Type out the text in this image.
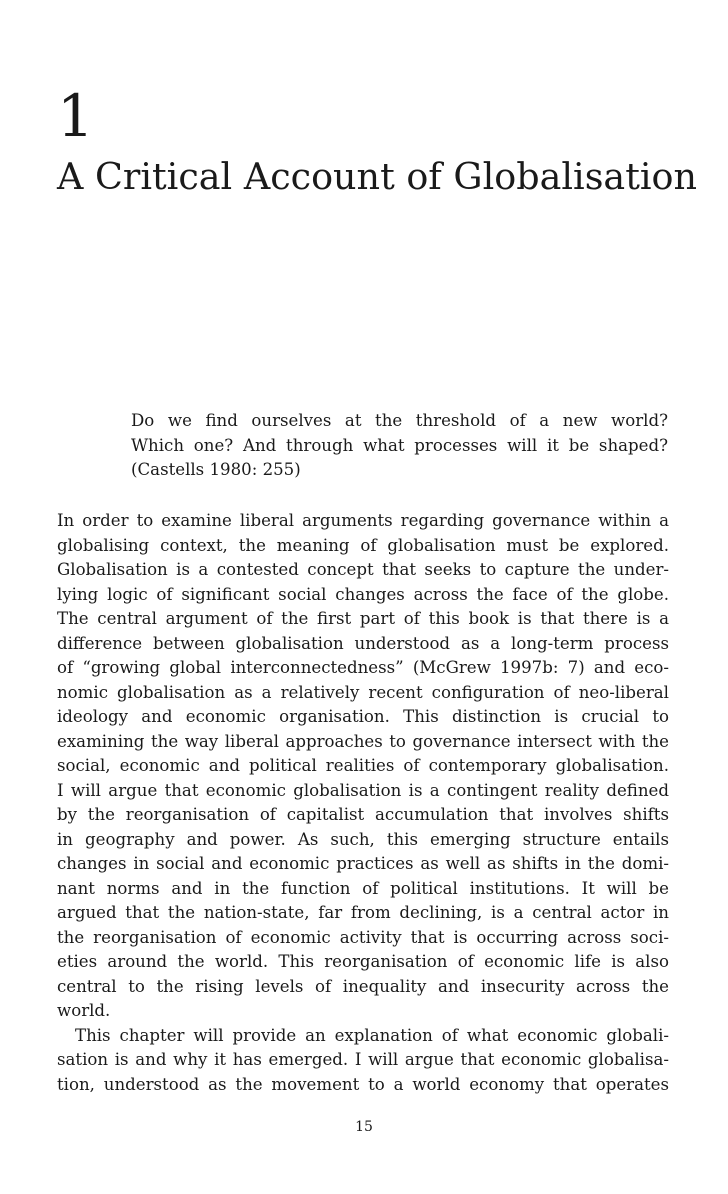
1
A Critical Account of Globalisation
Do we find ourselves at the threshold of a new world?
Which one? And through what processes will it be shaped?
(Castells 1980: 255)
In order to examine liberal arguments regarding governance within a
globalising context, the meaning of globalisation must be explored.
Globalisation is a contested concept that seeks to capture the under-
lying logic of significant social changes across the face of the globe.
The central argument of the first part of this book is that there is a
difference between globalisation understood as a long-term process
of “growing global interconnectedness” (McGrew 1997b: 7) and eco-
nomic globalisation as a relatively recent configuration of neo-liberal
ideology and economic organisation. This distinction is crucial to
examining the way liberal approaches to governance intersect with the
social, economic and political realities of contemporary globalisation.
I will argue that economic globalisation is a contingent reality defined
by the reorganisation of capitalist accumulation that involves shifts
in geography and power. As such, this emerging structure entails
changes in social and economic practices as well as shifts in the domi-
nant norms and in the function of political institutions. It will be
argued that the nation-state, far from declining, is a central actor in
the reorganisation of economic activity that is occurring across soci-
eties around the world. This reorganisation of economic life is also
central to the rising levels of inequality and insecurity across the
world.
This chapter will provide an explanation of what economic globali-
sation is and why it has emerged. I will argue that economic globalisa-
tion, understood as the movement to a world economy that operates
15
